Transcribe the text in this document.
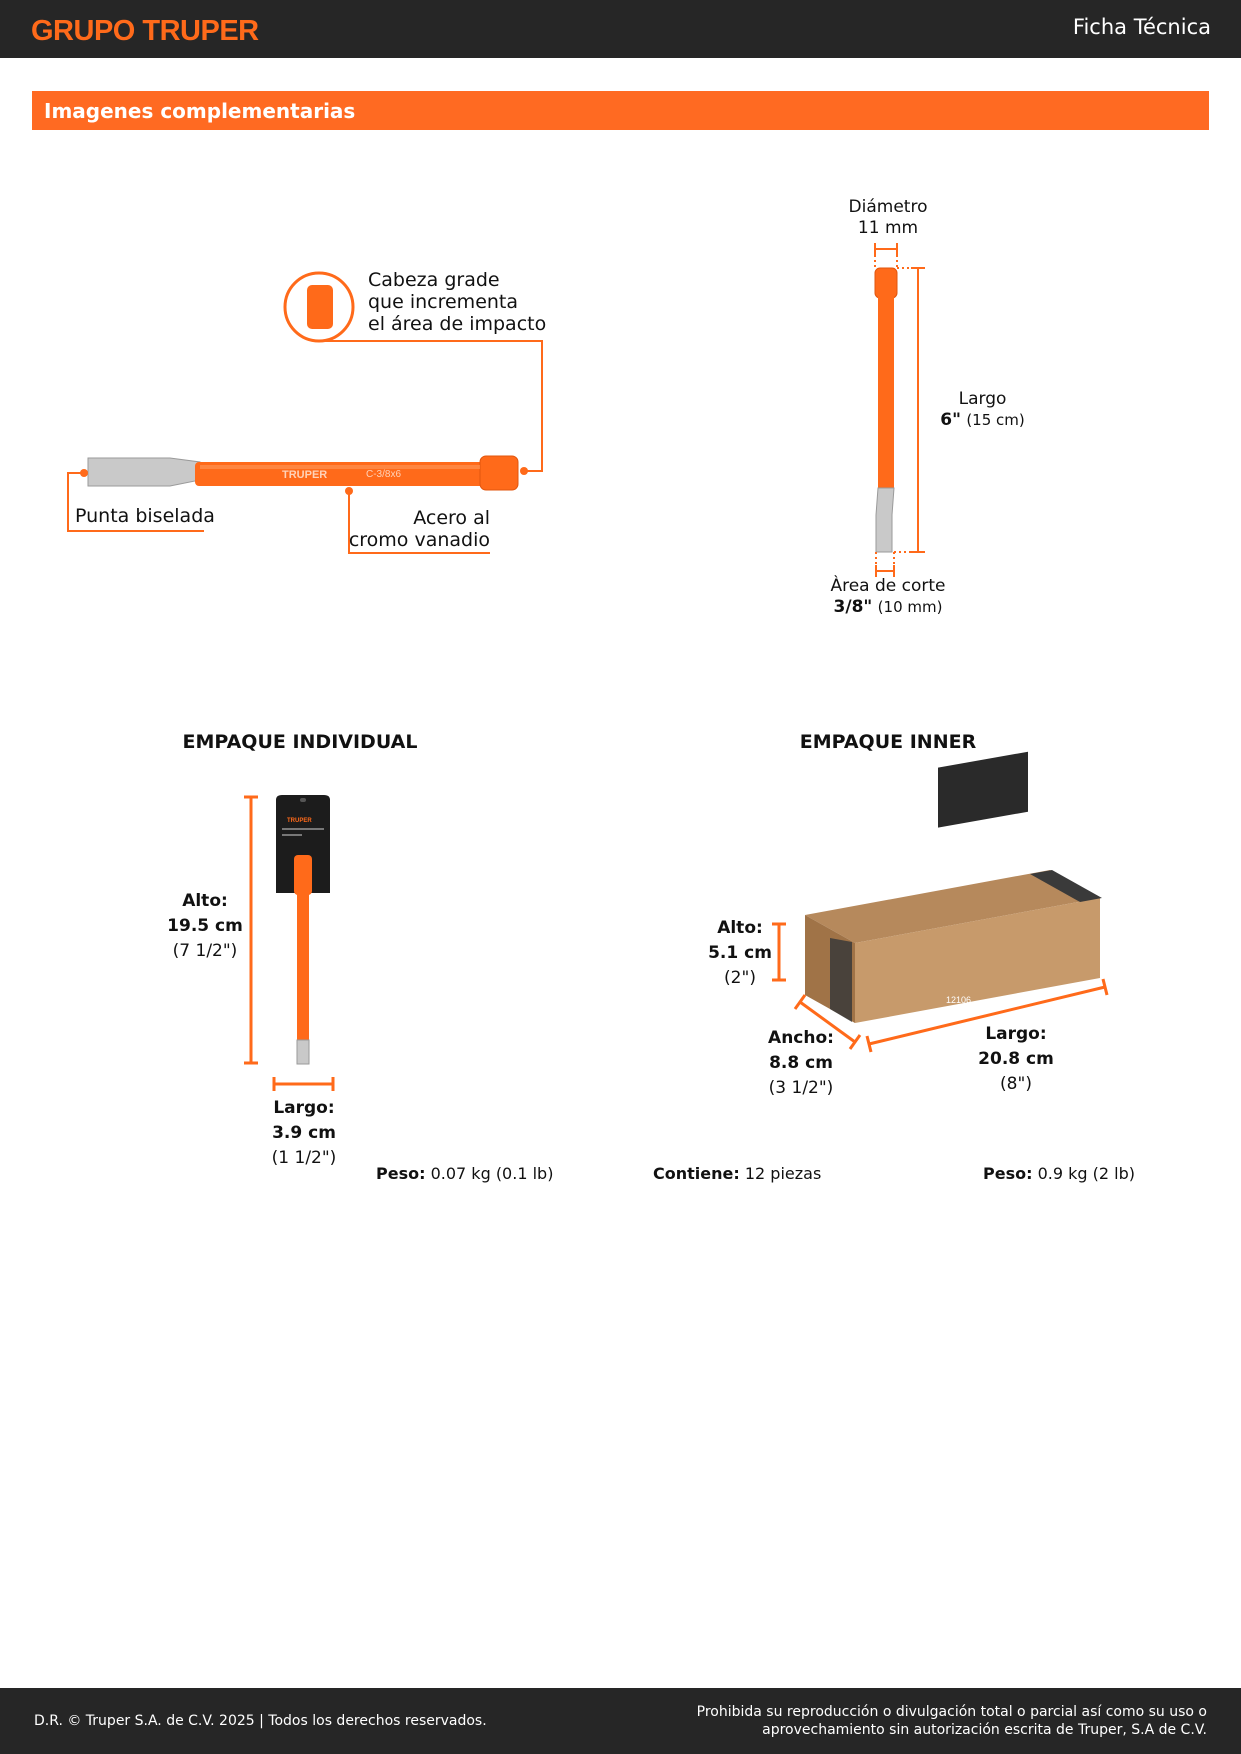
GRUPO TRUPER	Ficha Técnica
Imagenes complementarias
TRUPER	C-3/8x6
TRUPER
12106
Cabeza grade
que incrementa
el área de impacto
Punta biselada	Acero al
cromo vanadio
Diámetro
11 mm
Largo
6" (15 cm)
Àrea de corte
3/8" (10 mm)
EMPAQUE INDIVIDUAL
Alto:
19.5 cm
(7 1/2")
Largo:
3.9 cm
(1 1/2")
Peso: 0.07 kg (0.1 lb)
EMPAQUE INNER
Alto:
5.1 cm
(2")
Ancho:
8.8 cm
(3 1/2")
Largo:
20.8 cm
(8")
Contiene: 12 piezas	Peso: 0.9 kg (2 lb)
D.R. © Truper S.A. de C.V. 2025 | Todos los derechos reservados.
Prohibida su reproducción o divulgación total o parcial así como su uso o
aprovechamiento sin autorización escrita de Truper, S.A de C.V.
